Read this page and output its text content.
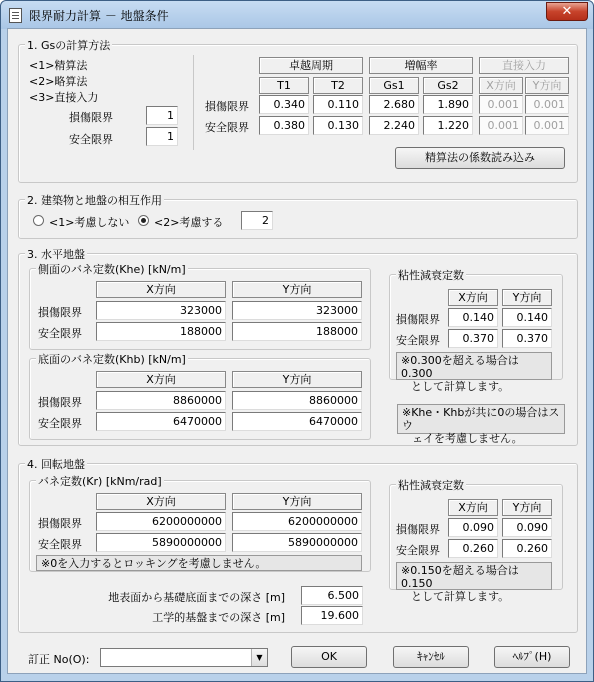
限界耐力計算 － 地盤条件	✕
1. Gsの計算方法
<1>精算法
<2>略算法
<3>直接入力
損傷限界	1
安全限界	1
卓越周期	増幅率	直接入力
T1	T2	Gs1	Gs2	X方向	Y方向
損傷限界	0.340	0.110	2.680	1.890	0.001	0.001
安全限界	0.380	0.130	2.240	1.220	0.001	0.001
精算法の係数読み込み
2. 建築物と地盤の相互作用
<1>考慮しない <2>考慮する	2
3. 水平地盤
側面のバネ定数(Khe) [kN/m]
X方向	Y方向
損傷限界	323000	323000
安全限界	188000	188000
底面のバネ定数(Khb) [kN/m]
X方向	Y方向
損傷限界	8860000	8860000
安全限界	6470000	6470000
粘性減衰定数
X方向	Y方向
損傷限界	0.140	0.140
安全限界	0.370	0.370
※0.300を超える場合は0.300
として計算します。
※Khe・Khbが共に0の場合はスウ
ェイを考慮しません。
4. 回転地盤
バネ定数(Kr) [kNm/rad]
X方向	Y方向
損傷限界	6200000000	6200000000
安全限界	5890000000	5890000000
※0を入力するとロッキングを考慮しません。
粘性減衰定数
X方向	Y方向
損傷限界	0.090	0.090
安全限界	0.260	0.260
※0.150を超える場合は0.150
として計算します。
地表面から基礎底面までの深さ [m]	6.500
工学的基盤までの深さ [m]	19.600
訂正 No(O):	▼	OK	ｷｬﾝｾﾙ	ﾍﾙﾌﾟ(H)
